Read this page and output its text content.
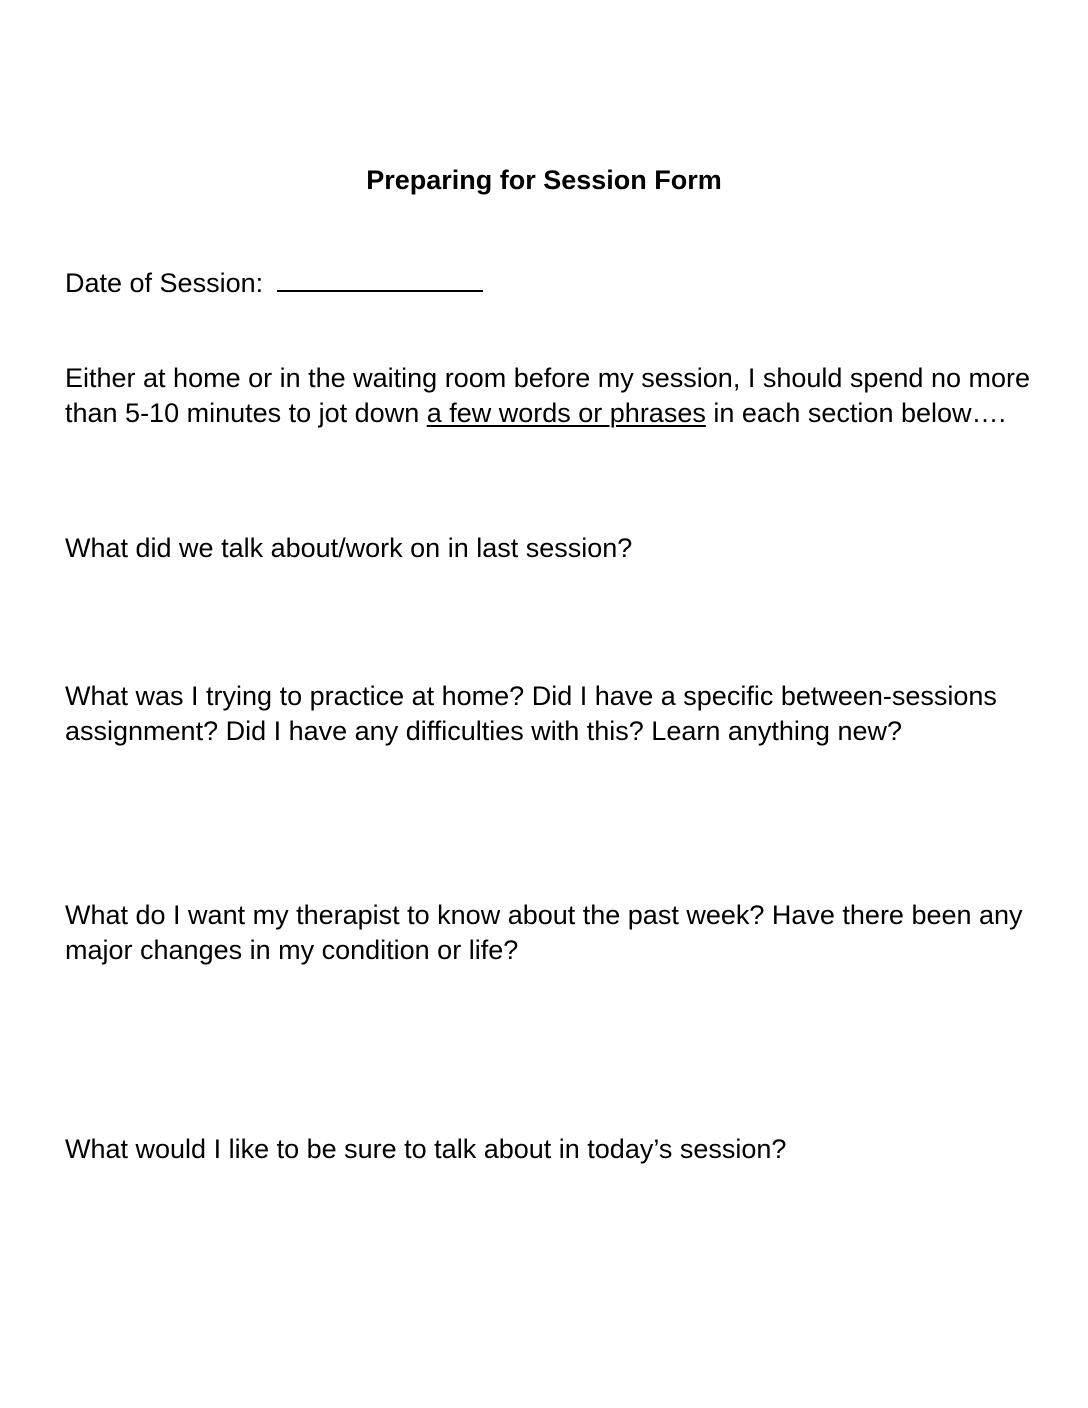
Preparing for Session Form
Date of Session:
Either at home or in the waiting room before my session, I should spend no more than 5-10 minutes to jot down a few words or phrases in each section below….
What did we talk about/work on in last session?
What was I trying to practice at home? Did I have a specific between-sessions assignment? Did I have any difficulties with this? Learn anything new?
What do I want my therapist to know about the past week? Have there been any major changes in my condition or life?
What would I like to be sure to talk about in today’s session?
